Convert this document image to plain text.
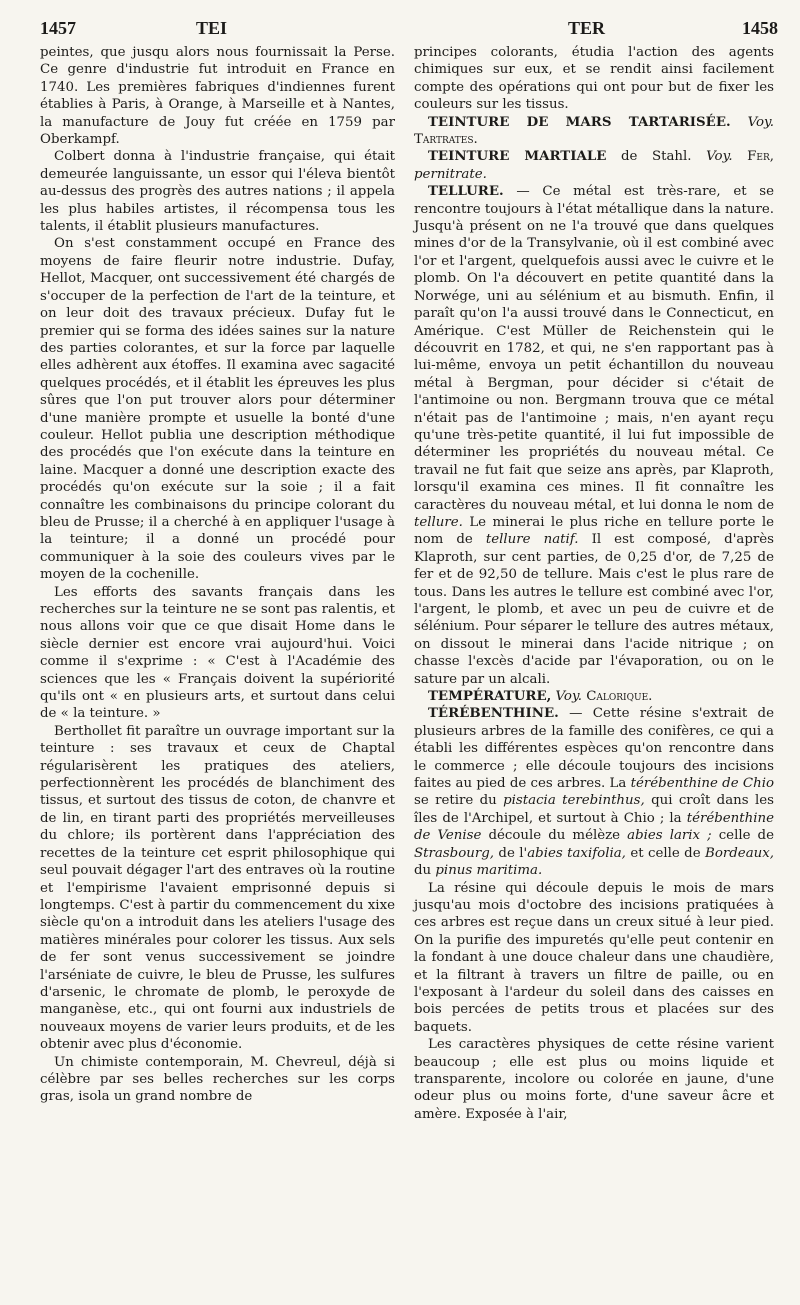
1457	TEI	TER	1458

peintes, que jusqu alors nous fournissait la Perse. Ce genre d'industrie fut introduit en France en 1740. Les premières fabriques d'indiennes furent établies à Paris, à Orange, à Marseille et à Nantes, la manufacture de Jouy fut créée en 1759 par Oberkampf.

Colbert donna à l'industrie française, qui était demeurée languissante, un essor qui l'éleva bientôt au-dessus des progrès des autres nations ; il appela les plus habiles artistes, il récompensa tous les talents, il établit plusieurs manufactures.

On s'est constamment occupé en France des moyens de faire fleurir notre industrie. Dufay, Hellot, Macquer, ont successivement été chargés de s'occuper de la perfection de l'art de la teinture, et on leur doit des travaux précieux. Dufay fut le premier qui se forma des idées saines sur la nature des parties colorantes, et sur la force par laquelle elles adhèrent aux étoffes. Il examina avec sagacité quelques procédés, et il établit les épreuves les plus sûres que l'on put trouver alors pour déterminer d'une manière prompte et usuelle la bonté d'une couleur. Hellot publia une description méthodique des procédés que l'on exécute dans la teinture en laine. Macquer a donné une description exacte des procédés qu'on exécute sur la soie ; il a fait connaître les combinaisons du principe colorant du bleu de Prusse; il a cherché à en appliquer l'usage à la teinture; il a donné un procédé pour communiquer à la soie des couleurs vives par le moyen de la cochenille.

Les efforts des savants français dans les recherches sur la teinture ne se sont pas ralentis, et nous allons voir que ce que disait Home dans le siècle dernier est encore vrai aujourd'hui. Voici comme il s'exprime : « C'est à l'Académie des sciences que les « Français doivent la supériorité qu'ils ont « en plusieurs arts, et surtout dans celui de « la teinture. »

Berthollet fit paraître un ouvrage important sur la teinture : ses travaux et ceux de Chaptal régularisèrent les pratiques des ateliers, perfectionnèrent les procédés de blanchiment des tissus, et surtout des tissus de coton, de chanvre et de lin, en tirant parti des propriétés merveilleuses du chlore; ils portèrent dans l'appréciation des recettes de la teinture cet esprit philosophique qui seul pouvait dégager l'art des entraves où la routine et l'empirisme l'avaient emprisonné depuis si longtemps. C'est à partir du commencement du xixe siècle qu'on a introduit dans les ateliers l'usage des matières minérales pour colorer les tissus. Aux sels de fer sont venus successivement se joindre l'arséniate de cuivre, le bleu de Prusse, les sulfures d'arsenic, le chromate de plomb, le peroxyde de manganèse, etc., qui ont fourni aux industriels de nouveaux moyens de varier leurs produits, et de les obtenir avec plus d'économie.

Un chimiste contemporain, M. Chevreul, déjà si célèbre par ses belles recherches sur les corps gras, isola un grand nombre de

principes colorants, étudia l'action des agents chimiques sur eux, et se rendit ainsi facilement compte des opérations qui ont pour but de fixer les couleurs sur les tissus.

TEINTURE DE MARS TARTARISÉE. Voy. Tartrates.

TEINTURE MARTIALE de Stahl. Voy. Fer, pernitrate.

TELLURE. — Ce métal est très-rare, et se rencontre toujours à l'état métallique dans la nature. Jusqu'à présent on ne l'a trouvé que dans quelques mines d'or de la Transylvanie, où il est combiné avec l'or et l'argent, quelquefois aussi avec le cuivre et le plomb. On l'a découvert en petite quantité dans la Norwége, uni au sélénium et au bismuth. Enfin, il paraît qu'on l'a aussi trouvé dans le Connecticut, en Amérique. C'est Müller de Reichenstein qui le découvrit en 1782, et qui, ne s'en rapportant pas à lui-même, envoya un petit échantillon du nouveau métal à Bergman, pour décider si c'était de l'antimoine ou non. Bergmann trouva que ce métal n'était pas de l'antimoine ; mais, n'en ayant reçu qu'une très-petite quantité, il lui fut impossible de déterminer les propriétés du nouveau métal. Ce travail ne fut fait que seize ans après, par Klaproth, lorsqu'il examina ces mines. Il fit connaître les caractères du nouveau métal, et lui donna le nom de tellure. Le minerai le plus riche en tellure porte le nom de tellure natif. Il est composé, d'après Klaproth, sur cent parties, de 0,25 d'or, de 7,25 de fer et de 92,50 de tellure. Mais c'est le plus rare de tous. Dans les autres le tellure est combiné avec l'or, l'argent, le plomb, et avec un peu de cuivre et de sélénium. Pour séparer le tellure des autres métaux, on dissout le minerai dans l'acide nitrique ; on chasse l'excès d'acide par l'évaporation, ou on le sature par un alcali.

TEMPÉRATURE, Voy. Calorique.

TÉRÉBENTHINE. — Cette résine s'extrait de plusieurs arbres de la famille des conifères, ce qui a établi les différentes espèces qu'on rencontre dans le commerce ; elle découle toujours des incisions faites au pied de ces arbres. La térébenthine de Chio se retire du pistacia terebinthus, qui croît dans les îles de l'Archipel, et surtout à Chio ; la térébenthine de Venise découle du mélèze abies larix ; celle de Strasbourg, de l'abies taxifolia, et celle de Bordeaux, du pinus maritima.

La résine qui découle depuis le mois de mars jusqu'au mois d'octobre des incisions pratiquées à ces arbres est reçue dans un creux situé à leur pied. On la purifie des impuretés qu'elle peut contenir en la fondant à une douce chaleur dans une chaudière, et la filtrant à travers un filtre de paille, ou en l'exposant à l'ardeur du soleil dans des caisses en bois percées de petits trous et placées sur des baquets.

Les caractères physiques de cette résine varient beaucoup ; elle est plus ou moins liquide et transparente, incolore ou colorée en jaune, d'une odeur plus ou moins forte, d'une saveur âcre et amère. Exposée à l'air,
